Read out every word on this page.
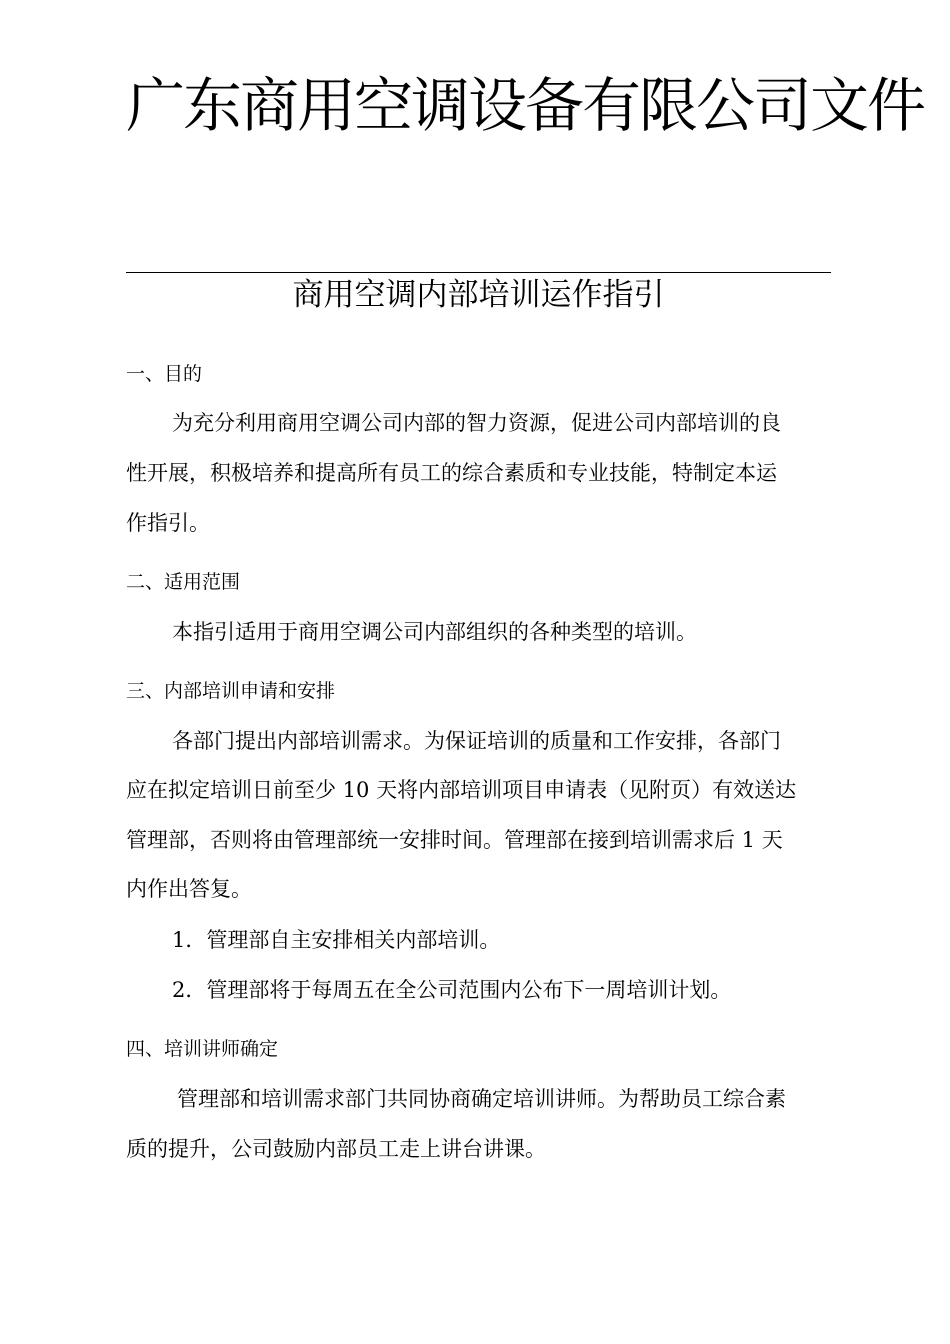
广东商用空调设备有限公司文件
商用空调内部培训运作指引
一、目的
为充分利用商用空调公司内部的智力资源，促进公司内部培训的良
性开展，积极培养和提高所有员工的综合素质和专业技能，特制定本运
作指引。
二、适用范围
本指引适用于商用空调公司内部组织的各种类型的培训。
三、内部培训申请和安排
各部门提出内部培训需求。为保证培训的质量和工作安排，各部门
应在拟定培训日前至少 10 天将内部培训项目申请表（见附页）有效送达
管理部，否则将由管理部统一安排时间。管理部在接到培训需求后 1 天
内作出答复。
1．管理部自主安排相关内部培训。
2．管理部将于每周五在全公司范围内公布下一周培训计划。
四、培训讲师确定
管理部和培训需求部门共同协商确定培训讲师。为帮助员工综合素
质的提升，公司鼓励内部员工走上讲台讲课。
